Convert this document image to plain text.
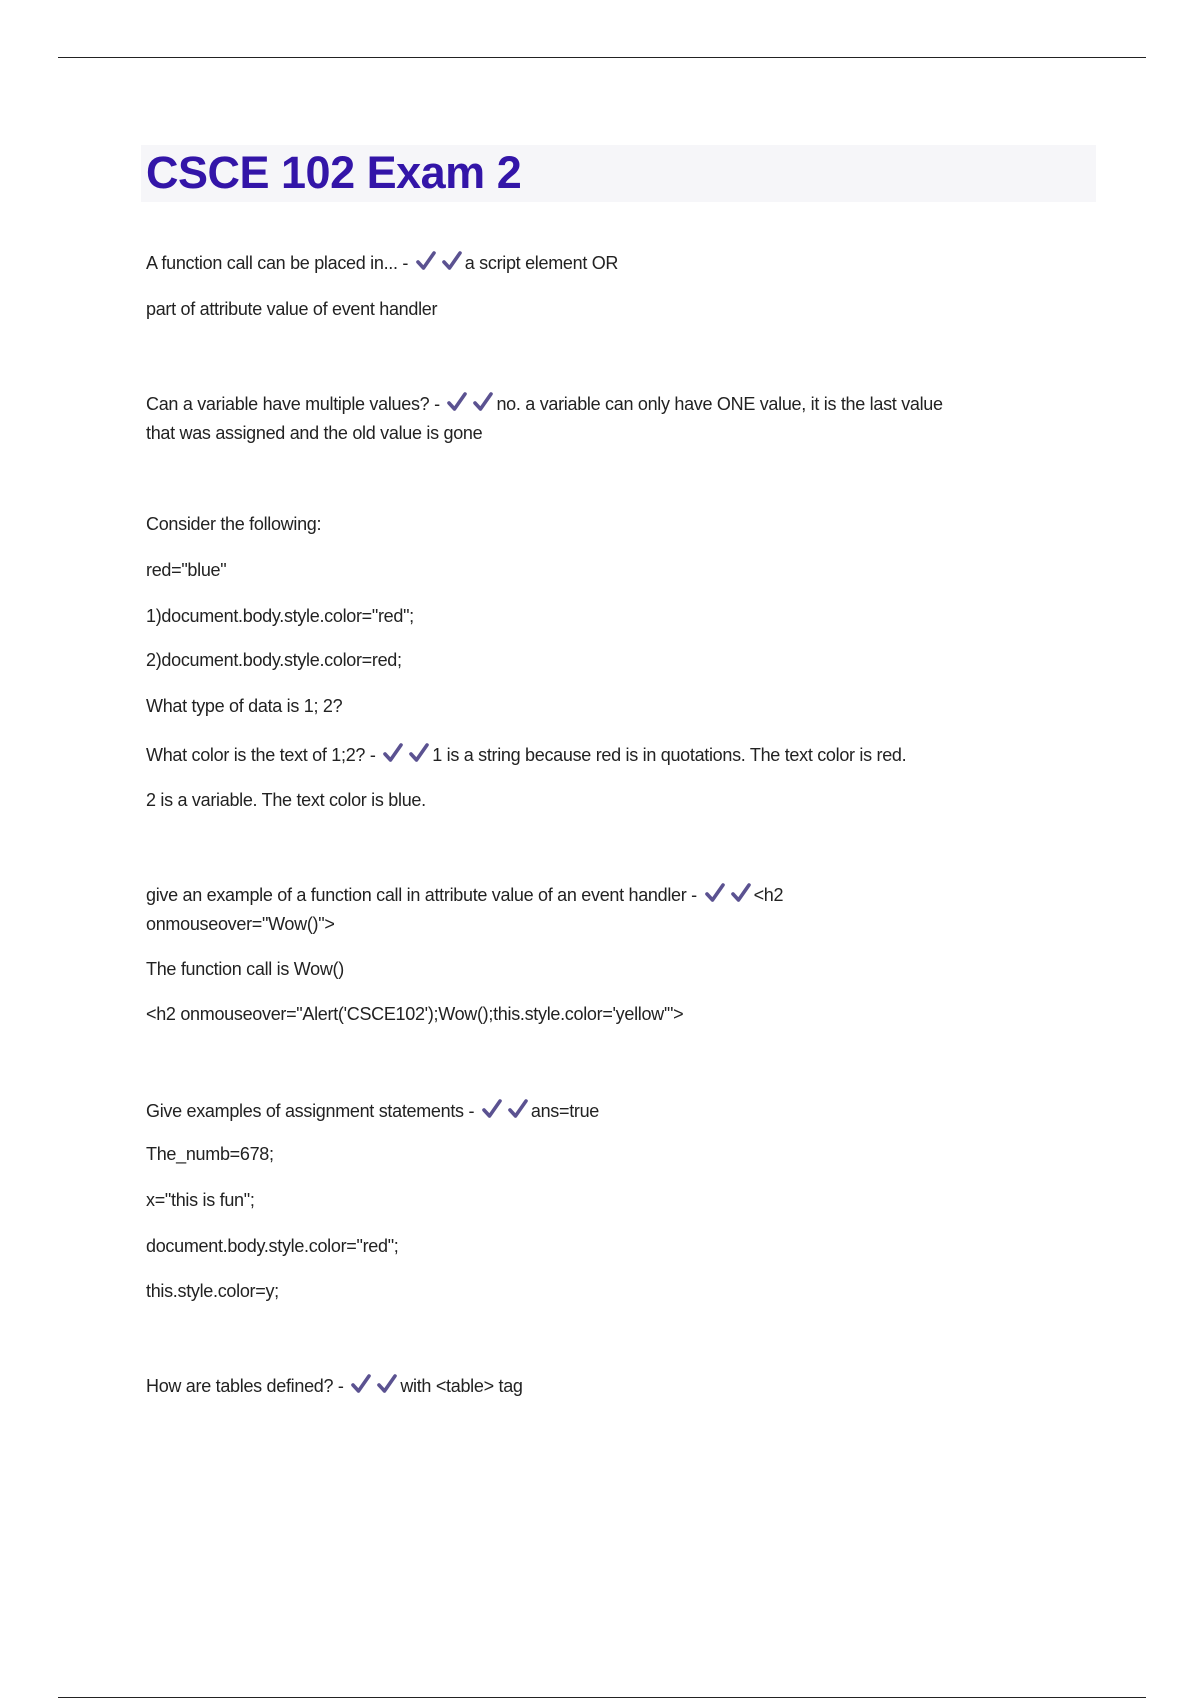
CSCE 102 Exam 2
A function call can be placed in... -	a script element OR
part of attribute value of event handler
Can a variable have multiple values? -	no. a variable can only have ONE value, it is the last value
that was assigned and the old value is gone
Consider the following:
red="blue"
1)document.body.style.color="red";
2)document.body.style.color=red;
What type of data is 1; 2?
What color is the text of 1;2? -	1 is a string because red is in quotations. The text color is red.
2 is a variable. The text color is blue.
give an example of a function call in attribute value of an event handler -	<h2
onmouseover="Wow()">
The function call is Wow()
<h2 onmouseover="Alert('CSCE102');Wow();this.style.color='yellow'">
Give examples of assignment statements -	ans=true
The_numb=678;
x="this is fun";
document.body.style.color="red";
this.style.color=y;
How are tables defined? -	with <table> tag
